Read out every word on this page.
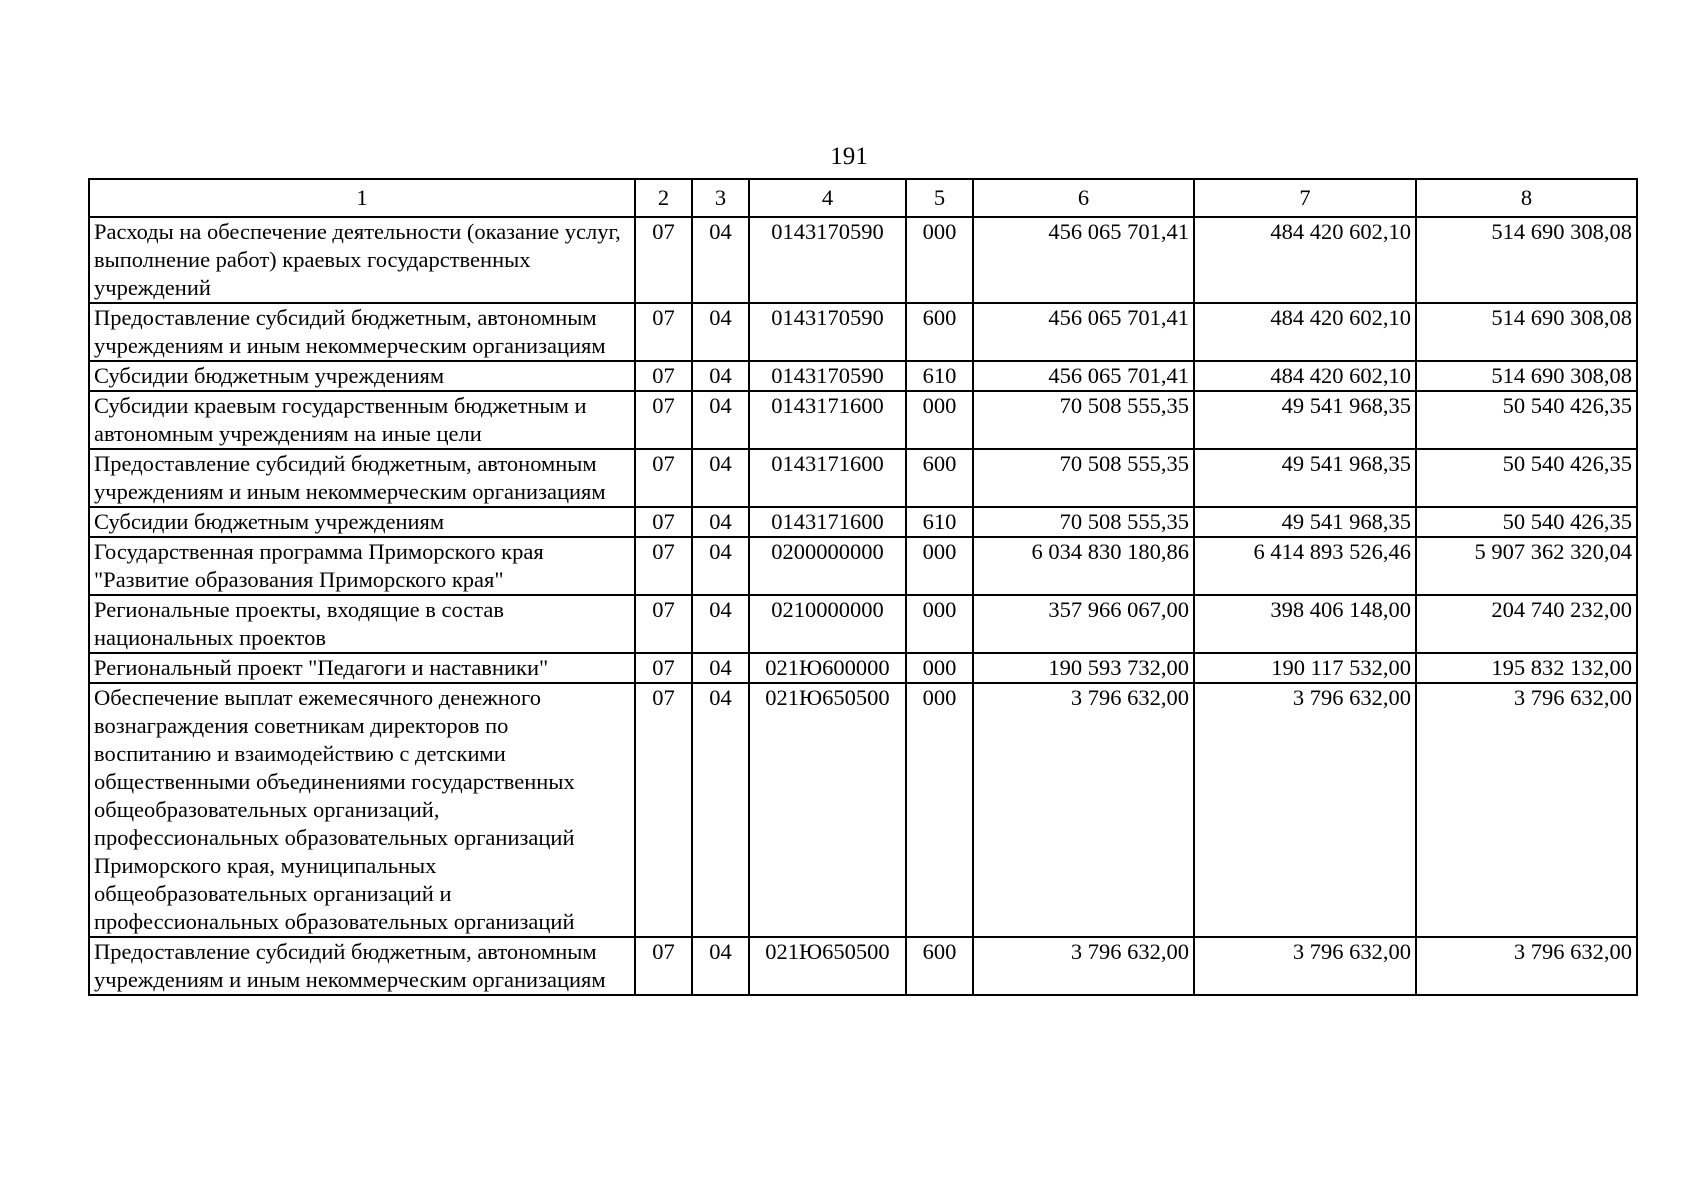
191
1	2	3	4	5	6	7	8
Расходы на обеспечение деятельности (оказание услуг, выполнение работ) краевых государственных учреждений	07	04	0143170590	000	456 065 701,41	484 420 602,10	514 690 308,08
Предоставление субсидий бюджетным, автономным учреждениям и иным некоммерческим организациям	07	04	0143170590	600	456 065 701,41	484 420 602,10	514 690 308,08
Субсидии бюджетным учреждениям	07	04	0143170590	610	456 065 701,41	484 420 602,10	514 690 308,08
Субсидии краевым государственным бюджетным и автономным учреждениям на иные цели	07	04	0143171600	000	70 508 555,35	49 541 968,35	50 540 426,35
Предоставление субсидий бюджетным, автономным учреждениям и иным некоммерческим организациям	07	04	0143171600	600	70 508 555,35	49 541 968,35	50 540 426,35
Субсидии бюджетным учреждениям	07	04	0143171600	610	70 508 555,35	49 541 968,35	50 540 426,35
Государственная программа Приморского края "Развитие образования Приморского края"	07	04	0200000000	000	6 034 830 180,86	6 414 893 526,46	5 907 362 320,04
Региональные проекты, входящие в состав национальных проектов	07	04	0210000000	000	357 966 067,00	398 406 148,00	204 740 232,00
Региональный проект "Педагоги и наставники"	07	04	021Ю600000	000	190 593 732,00	190 117 532,00	195 832 132,00
Обеспечение выплат ежемесячного денежного вознаграждения советникам директоров по воспитанию и взаимодействию с детскими общественными объединениями государственных общеобразовательных организаций, профессиональных образовательных организаций Приморского края, муниципальных общеобразовательных организаций и профессиональных образовательных организаций	07	04	021Ю650500	000	3 796 632,00	3 796 632,00	3 796 632,00
Предоставление субсидий бюджетным, автономным учреждениям и иным некоммерческим организациям	07	04	021Ю650500	600	3 796 632,00	3 796 632,00	3 796 632,00
